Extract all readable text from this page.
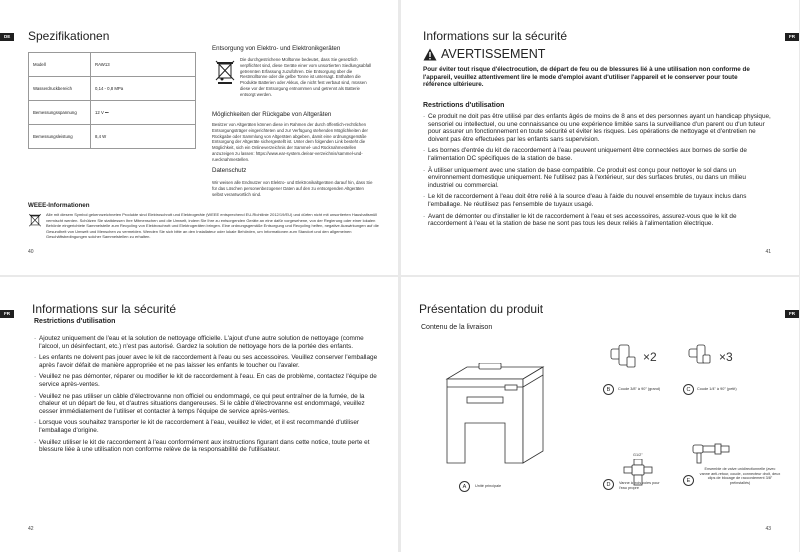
DE	Spezifikationen
Modell	RAW13
Wasserdruckbereich	0,14 - 0,8 MPa
Bemessungsspannung	12 V ⎓
Bemessungsleistung	8,4 W
Entsorgung von Elektro- und Elektronikgeräten
Die durchgestrichene Mülltonne bedeutet, dass Sie gesetzlich verpflichtet sind, diese Geräte einer vom unsortierten Siedlungsabfall getrennten Erfassung zuzuführen. Die Entsorgung über die Restmülltonne oder die gelbe Tonne ist untersagt. Enthalten die Produkte Batterien oder Akkus, die nicht fest verbaut sind, müssen diese vor der Entsorgung entnommen und getrennt als Batterie entsorgt werden.
Möglichkeiten der Rückgabe von Altgeräten
Besitzer von Altgeräten können diese im Rahmen der durch öffentlich-rechtlichen Entsorgungsträger eingerichteten und zur Verfügung stehenden Möglichkeiten der Rückgabe oder Sammlung von Altgeräten abgeben, damit eine ordnungsgemäße Entsorgung der Altgeräte sichergestellt ist. Unter dem folgenden Link besteht die Möglichkeit, sich ein Onlineverzeichnis der Sammel- und Rücknahmestellen anzuzeigen zu lassen: https://www.ear-system.de/ear-verzeichnis/sammel-und-ruecknahmestellen.
Datenschutz
Wir weisen alle Endnutzer von Elektro- und Elektronikaltgeräten darauf hin, dass Sie für das Löschen personenbezogener Daten auf den zu entsorgenden Altgeräten selbst verantwortlich sind.
WEEE-Informationen
Alle mit diesem Symbol gekennzeichneten Produkte sind Elektroschrott und Elektrogeräte (WEEE entsprechend EU-Richtlinie 2012/19/EU) und dürfen nicht mit unsortierten Haushaltsmüll vermischt werden. Schützen Sie stattdessen Ihre Mitmenschen und die Umwelt, indem Sie Ihre zu entsorgenden Geräte an eine dafür vorgesehene, von der Regierung oder einer lokalen Behörde eingerichtete Sammelstelle zum Recycling von Elektroschrott und Elektrogeräten bringen. Eine ordnungsgemäße Entsorgung und Recycling helfen, negative Auswirkungen auf die Gesundheit von Umwelt und Menschen zu vermeiden. Wenden Sie sich bitte an den Installateur oder lokale Behörden, um Informationen zum Standort und den allgemeinen Geschäftsbedingungen solcher Sammelstellen zu erhalten.
40
FR
Informations sur la sécurité
AVERTISSEMENT
Pour éviter tout risque d'électrocution, de départ de feu ou de blessures lié à une utilisation non conforme de l'appareil, veuillez attentivement lire le mode d'emploi avant d'utiliser l'appareil et le conserver pour toute référence ultérieure.
Restrictions d'utilisation
· Ce produit ne doit pas être utilisé par des enfants âgés de moins de 8 ans et des personnes ayant un handicap physique, sensoriel ou intellectuel, ou une connaissance ou une expérience limitée sans la surveillance d'un parent ou d'un tuteur pour assurer un fonctionnement en toute sécurité et éviter les risques. Les opérations de nettoyage et d'entretien ne doivent pas être effectuées par les enfants sans supervision.
· Les bornes d'entrée du kit de raccordement à l'eau peuvent uniquement être connectées aux bornes de sortie de l'alimentation DC spécifiques de la station de base.
· À utiliser uniquement avec une station de base compatible. Ce produit est conçu pour nettoyer le sol dans un environnement domestique uniquement. Ne l'utilisez pas à l'extérieur, sur des surfaces brutes, ou dans un milieu industriel ou commercial.
· Le kit de raccordement à l'eau doit être relié à la source d'eau à l'aide du nouvel ensemble de tuyaux inclus dans l'emballage. Ne réutilisez pas l'ensemble de tuyaux usagé.
· Avant de démonter ou d'installer le kit de raccordement à l'eau et ses accessoires, assurez-vous que le kit de raccordement à l'eau et la station de base ne sont pas tous les deux reliés à l'alimentation électrique.
41
FR	Informations sur la sécurité
Restrictions d'utilisation
· Ajoutez uniquement de l'eau et la solution de nettoyage officielle. L'ajout d'une autre solution de nettoyage (comme l'alcool, un désinfectant, etc.) n'est pas autorisé. Gardez la solution de nettoyage hors de la portée des enfants.
· Les enfants ne doivent pas jouer avec le kit de raccordement à l'eau ou ses accessoires. Veuillez conserver l'emballage après l'avoir défait de manière appropriée et ne pas laisser les enfants le toucher ou l'avaler.
· Veuillez ne pas démonter, réparer ou modifier le kit de raccordement à l'eau. En cas de problème, contactez l'équipe de service après-ventes.
· Veuillez ne pas utiliser un câble d'électrovanne non officiel ou endommagé, ce qui peut entraîner de la fumée, de la chaleur et un départ de feu, et d'autres situations dangereuses. Si le câble d'électrovanne est endommagé, veuillez cesser immédiatement de l'utiliser et contacter à temps l'équipe de service après-ventes.
· Lorsque vous souhaitez transporter le kit de raccordement à l'eau, veuillez le vider, et il est recommandé d'utiliser l'emballage d'origine.
· Veuillez utiliser le kit de raccordement à l'eau conformément aux instructions figurant dans cette notice, toute perte et blessure liée à une utilisation non conforme relève de la responsabilité de l'utilisateur.
42
FR
Présentation du produit
Contenu de la livraison
A	Unité principale
×2
B	Coude 3/8" à 90° (grand)
×3
C	Coude 1/4" à 90° (petit)
G1/2"
D	Vanne à trois voies pour l'eau propre
E
Ensemble de valve unidirectionnelle (avec vanne anti-retour, coude, connecteur droit, deux clips de blocage de raccordement 3/8" préinstallés)
43
